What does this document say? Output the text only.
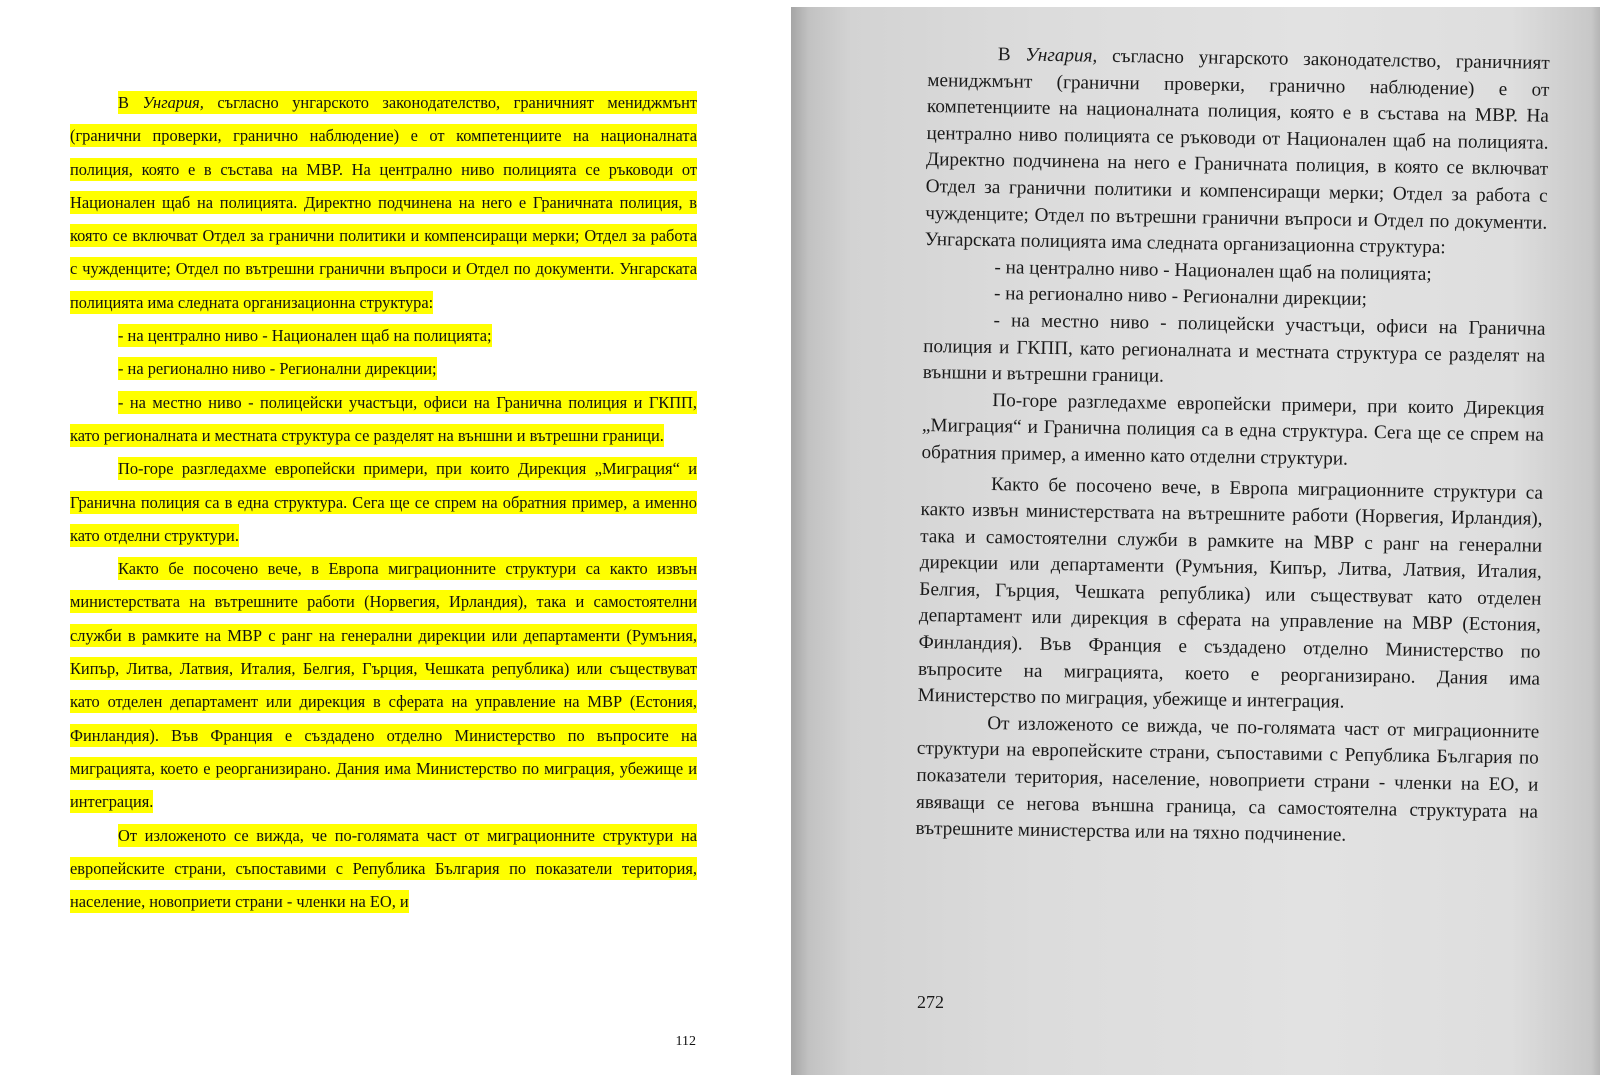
В Унгария, съгласно унгарското законодателство, граничният мениджмънт (гранични проверки, гранично наблюдение) е от компетенциите на националната полиция, която е в състава на МВР. На централно ниво полицията се ръководи от Национален щаб на полицията. Директно подчинена на него е Граничната полиция, в която се включват Отдел за гранични политики и компенсиращи мерки; Отдел за работа с чужденците; Отдел по вътрешни гранични въпроси и Отдел по документи. Унгарската полицията има следната организационна структура:

- на централно ниво - Национален щаб на полицията;

- на регионално ниво - Регионални дирекции;

- на местно ниво - полицейски участъци, офиси на Гранична полиция и ГКПП, като регионалната и местната структура се разделят на външни и вътрешни граници.

По-горе разгледахме европейски примери, при които Дирекция „Миграция“ и Гранична полиция са в една структура. Сега ще се спрем на обратния пример, а именно като отделни структури.

Както бе посочено вече, в Европа миграционните структури са както извън министерствата на вътрешните работи (Норвегия, Ирландия), така и самостоятелни служби в рамките на МВР с ранг на генерални дирекции или департаменти (Румъния, Кипър, Литва, Латвия, Италия, Белгия, Гърция, Чешката република) или съществуват като отделен департамент или дирекция в сферата на управление на МВР (Естония, Финландия). Във Франция е създадено отделно Министерство по въпросите на миграцията, което е реорганизирано. Дания има Министерство по миграция, убежище и интеграция.

От изложеното се вижда, че по-голямата част от миграционните структури на европейските страни, съпоставими с Република България по показатели територия, население, новоприети страни - членки на ЕО, и

112

В Унгария, съгласно унгарското законодателство, граничният мениджмънт (гранични проверки, гранично наблюдение) е от компетенциите на националната полиция, която е в състава на МВР. На централно ниво полицията се ръководи от Национален щаб на полицията. Директно подчинена на него е Граничната полиция, в която се включват Отдел за гранични политики и компенсиращи мерки; Отдел за работа с чужденците; Отдел по вътрешни гранични въпроси и Отдел по документи. Унгарската полицията има следната организационна структура:

- на централно ниво - Национален щаб на полицията;

- на регионално ниво - Регионални дирекции;

- на местно ниво - полицейски участъци, офиси на Гранична полиция и ГКПП, като регионалната и местната структура се разделят на външни и вътрешни граници.

По-горе разгледахме европейски примери, при които Дирекция „Миграция“ и Гранична полиция са в една структура. Сега ще се спрем на обратния пример, а именно като отделни структури.

Както бе посочено вече, в Европа миграционните структури са както извън министерствата на вътрешните работи (Норвегия, Ирландия), така и самостоятелни служби в рамките на МВР с ранг на генерални дирекции или департаменти (Румъния, Кипър, Литва, Латвия, Италия, Белгия, Гърция, Чешката република) или съществуват като отделен департамент или дирекция в сферата на управление на МВР (Естония, Финландия). Във Франция е създадено отделно Министерство по въпросите на миграцията, което е реорганизирано. Дания има Министерство по миграция, убежище и интеграция.

От изложеното се вижда, че по-голямата част от миграционните структури на европейските страни, съпоставими с Република България по показатели територия, население, новоприети страни - членки на ЕО, и явяващи се негова външна граница, са самостоятелна структурата на вътрешните министерства или на тяхно подчинение.

272
